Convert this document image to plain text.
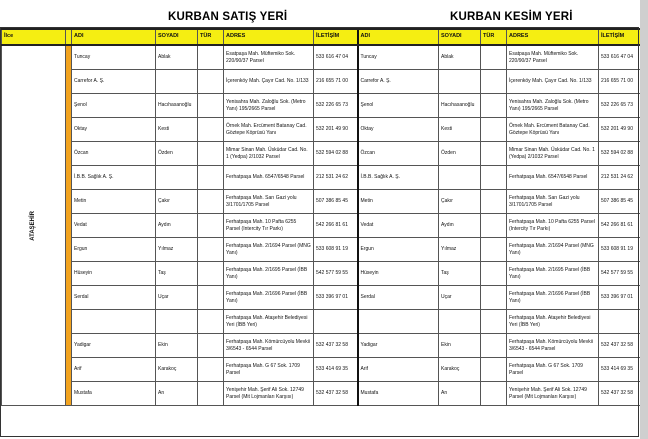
KURBAN SATIŞ YERİ	KURBAN KESİM YERİ
İlce		ADI	SOYADI	TÜR	ADRES	İLETİŞİM	ADI	SOYADI	TÜR	ADRES	İLETİŞİM

ATAŞEHİR		Tuncay	Ablak		Esatpaşa Mah. Müftemiko Sok. 220/90/37 Parsel	533 616 47 04	Tuncay	Ablak		Esatpaşa Mah. Müftemiko Sok. 220/90/37 Parsel	533 616 47 04
		Carrefor A. Ş.			İçerenköy Mah. Çayır Cad. No. 1/133	216 655 71 00	Carrefor A. Ş.			İçerenköy Mah. Çayır Cad. No. 1/133	216 655 71 00
		Şenol	Hacıhasanoğlu		Yenisahra Mah. Zaloğlu Sok. (Metro Yanı) 195/2665 Parsel	532 226 65 73	Şenol	Hacıhasanoğlu		Yenisahra Mah. Zaloğlu Sok. (Metro Yanı) 195/2665 Parsel	532 226 65 73
		Oktay	Kesti		Örnek Mah. Ercüment Batanay Cad. Göztepe Köprüsü Yanı	532 201 49 90	Oktay	Kesti		Örnek Mah. Ercüment Batanay Cad. Göztepe Köprüsü Yanı	532 201 49 90
		Özcan	Özden		Mimar Sinan Mah. Üsküdar Cad. No. 1 (Yedpa) 2/1032 Parsel	532 594 02 88	Özcan	Özden		Mimar Sinan Mah. Üsküdar Cad. No. 1 (Yedpa) 2/1032 Parsel	532 594 02 88
		İ.B.B. Sağlık A. Ş.			Ferhatpaşa Mah. 6547/6548 Parsel	212 531 24 62	İ.B.B. Sağlık A. Ş.			Ferhatpaşa Mah. 6547/6548 Parsel	212 531 24 62
		Metin	Çakır		Ferhatpaşa Mah. Sarı Gazi yolu 3/1701/1705 Parsel	507 386 85 45	Metin	Çakır		Ferhatpaşa Mah. Sarı Gazi yolu 3/1701/1705 Parsel	507 386 85 45
		Vedat	Aydın		Ferhatpaşa Mah. 10 Pafta 6255 Parsel (Intercity Tır Parkı)	542 266 81 61	Vedat	Aydın		Ferhatpaşa Mah. 10 Pafta 6255 Parsel (Intercity Tır Parkı)	542 266 81 61
		Ergun	Yılmaz		Ferhatpaşa Mah. 2/1694 Parsel (MNG Yanı)	533 608 91 19	Ergun	Yılmaz		Ferhatpaşa Mah. 2/1694 Parsel (MNG Yanı)	533 608 91 19
		Hüseyin	Taş		Ferhatpaşa Mah. 2/1695 Parsel (İBB Yanı)	542 577 59 55	Hüseyin	Taş		Ferhatpaşa Mah. 2/1695 Parsel (İBB Yanı)	542 577 59 55
		Serdal	Uçar		Ferhatpaşa Mah. 2/1696 Parsel (İBB Yanı)	533 396 97 01	Serdal	Uçar		Ferhatpaşa Mah. 2/1696 Parsel (İBB Yanı)	533 396 97 01
					Ferhatpaşa Mah. Ataşehir Belediyesi Yeri (İBB Yeri)					Ferhatpaşa Mah. Ataşehir Belediyesi Yeri (İBB Yeri)	
		Yadigar	Ekin		Ferhatpaşa Mah. Kömürcüyolu Mevkii 3/6543 - 6544 Parsel	532 437 32 58	Yadigar	Ekin		Ferhatpaşa Mah. Kömürcüyolu Mevkii 3/6543 - 6544 Parsel	532 437 32 58
		Arif	Karakoç		Ferhatpaşa Mah. G 67 Sok. 1709 Parsel	533 414 69 35	Arif	Karakoç		Ferhatpaşa Mah. G 67 Sok. 1709 Parsel	533 414 69 35
		Mustafa	Arı		Yenişehir Mah. Şerif Ali Sok. 12749 Parsel (Mit Lojmanları Karşısı)	532 437 32 58	Mustafa	Arı		Yenişehir Mah. Şerif Ali Sok. 12749 Parsel (Mit Lojmanları Karşısı)	532 437 32 58
